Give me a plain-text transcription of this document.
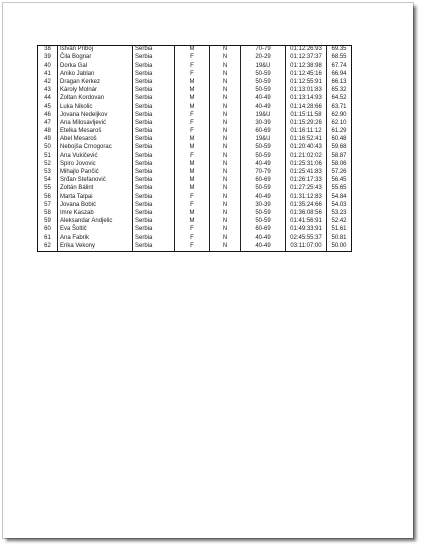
38	Istvan Priboj	Serbia	M	N	70-79	01:12:26:93	69.35
39	Čila Bognar	Serbia	F	N	20-29	01:12:37:37	68.55
40	Dorka Gal	Serbia	F	N	19&U	01:12:38:98	67.74
41	Aniko Jablan	Serbia	F	N	50-59	01:12:45:16	66.94
42	Dragan Kerkez	Serbia	M	N	50-59	01:12:55:91	66.13
43	Károly Molnár	Serbia	M	N	50-59	01:13:01:83	65.32
44	Zoltan Kordovan	Serbia	M	N	40-49	01:13:14:93	64.52
45	Luka Nikolic	Serbia	M	N	40-49	01:14:28:66	63.71
46	Jovana Nedeljkov	Serbia	F	N	19&U	01:15:11:58	62.90
47	Ana Milosavljević	Serbia	F	N	30-39	01:15:29:26	62.10
48	Etelka Mesaroš	Serbia	F	N	60-69	01:16:11:12	61.29
49	Abel Mesaroš	Serbia	M	N	19&U	01:16:52:41	60.48
50	Nebojša Crnogorac	Serbia	M	N	50-59	01:20:40:43	59.68
51	Ana Vukičević	Serbia	F	N	50-59	01:21:02:02	58.87
52	Spiro Jovovic	Serbia	M	N	40-49	01:25:31:06	58.06
53	Mihajlo Pančić	Serbia	M	N	70-79	01:25:41:83	57.26
54	Srđan Stefanović	Serbia	M	N	60-69	01:26:17:33	56.45
55	Zoltán Bálint	Serbia	M	N	50-59	01:27:25:43	55.65
56	Marta Talpai	Serbia	F	N	40-49	01:31:12:83	54.84
57	Jovana Bobić	Serbia	F	N	30-39	01:35:24:66	54.03
58	Imre Kaszab	Serbia	M	N	50-59	01:36:08:56	53.23
59	Aleksandar Andjelic	Serbia	M	N	50-59	01:41:56:91	52.42
60	Eva Šoltič	Serbia	F	N	60-69	01:49:33:91	51.61
61	Ana Fabrik	Serbia	F	N	40-49	02:45:55:37	50.81
62	Erika Vekony	Serbia	F	N	40-49	03:11:07:00	50.00
